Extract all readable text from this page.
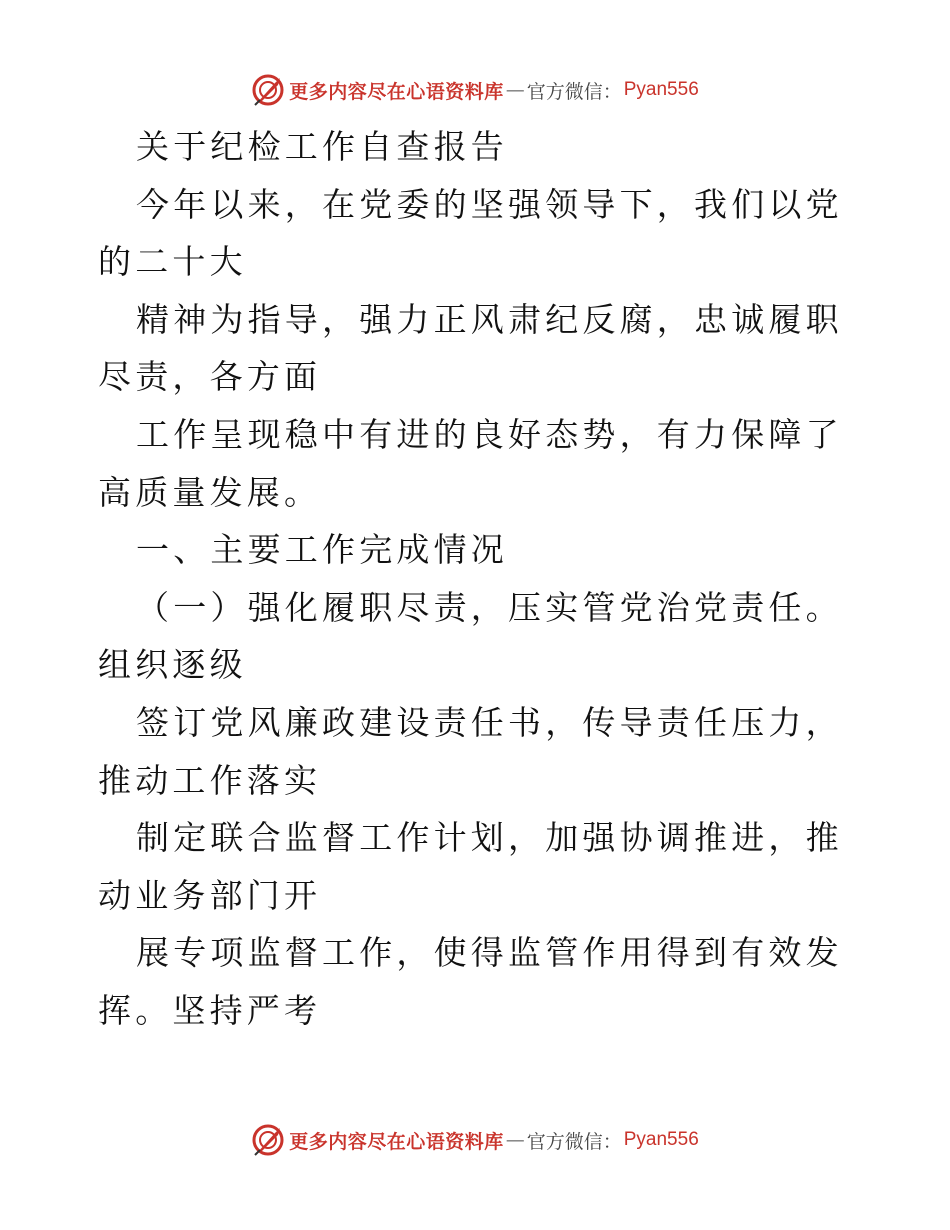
更多内容尽在心语资料库 — 官方微信： Pyan556

关于纪检工作自查报告

今年以来，在党委的坚强领导下，我们以党的二十大

精神为指导，强力正风肃纪反腐，忠诚履职尽责，各方面

工作呈现稳中有进的良好态势，有力保障了高质量发展。

一、主要工作完成情况

（一）强化履职尽责，压实管党治党责任。组织逐级

签订党风廉政建设责任书，传导责任压力，推动工作落实

制定联合监督工作计划，加强协调推进，推动业务部门开

展专项监督工作，使得监管作用得到有效发挥。坚持严考

更多内容尽在心语资料库 — 官方微信： Pyan556
